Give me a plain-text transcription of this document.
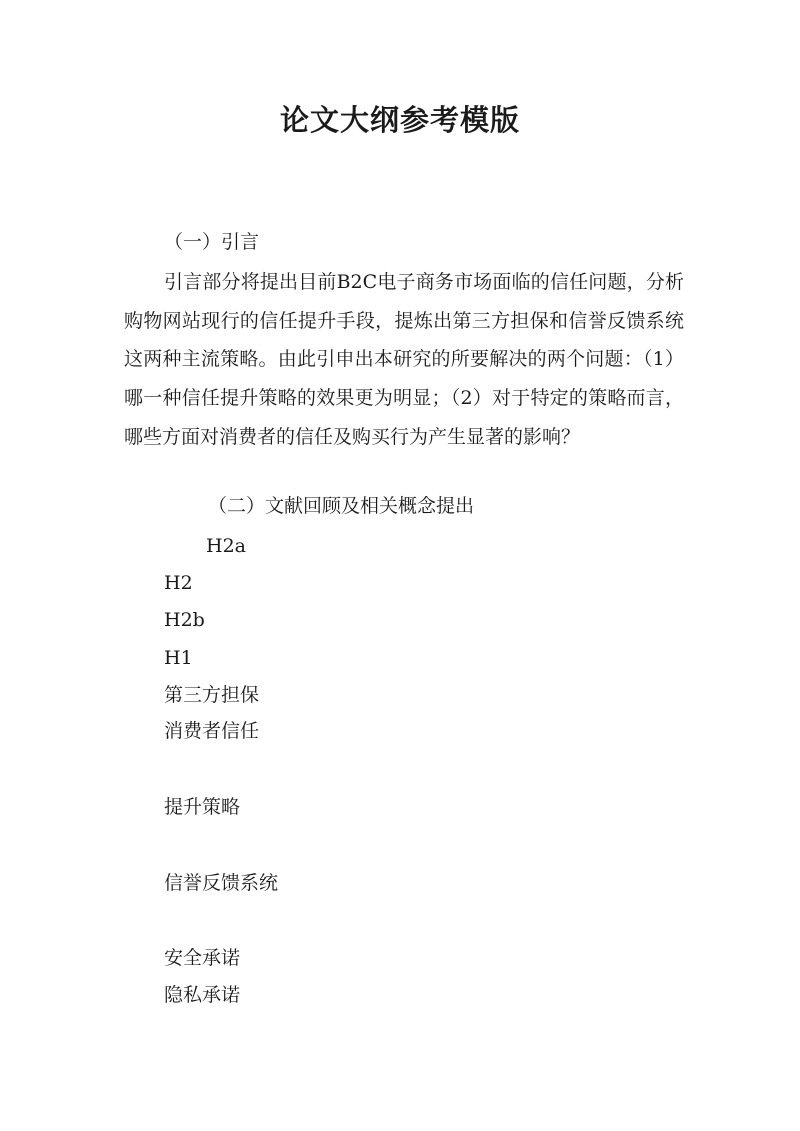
论文大纲参考模版
（一）引言
引言部分将提出目前B2C电子商务市场面临的信任问题，分析购物网站现行的信任提升手段，提炼出第三方担保和信誉反馈系统这两种主流策略。由此引申出本研究的所要解决的两个问题：（1）哪一种信任提升策略的效果更为明显；（2）对于特定的策略而言，哪些方面对消费者的信任及购买行为产生显著的影响？
（二）文献回顾及相关概念提出
H2a
H2
H2b
H1
第三方担保
消费者信任
提升策略
信誉反馈系统
安全承诺
隐私承诺
